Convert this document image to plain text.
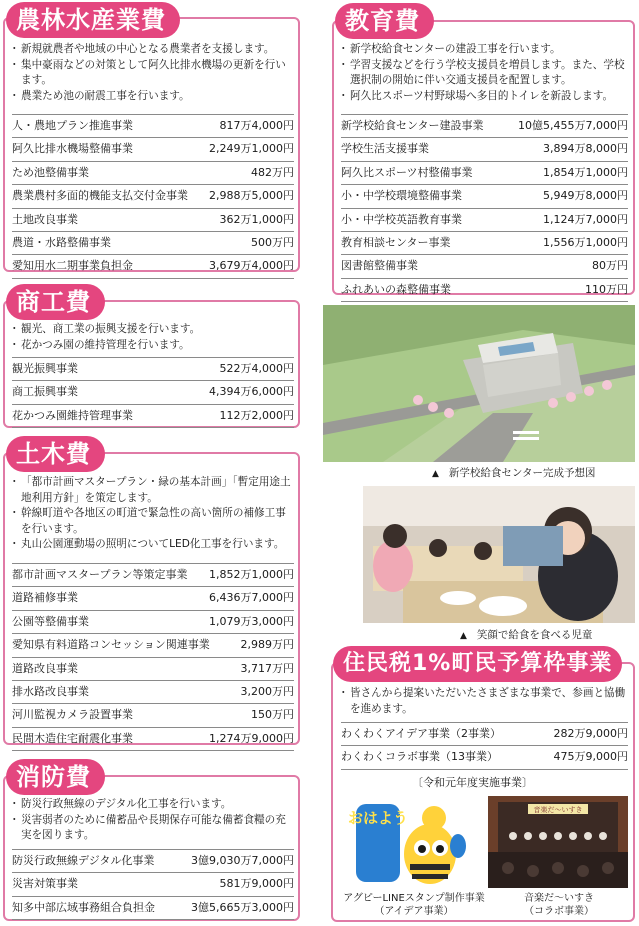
農林水産業費
・ 新規就農者や地域の中心となる農業者を支援します。
・ 集中豪雨などの対策として阿久比排水機場の更新を行います。
・ 農業ため池の耐震工事を行います。
人・農地プラン推進事業	817万4,000円
阿久比排水機場整備事業	2,249万1,000円
ため池整備事業	482万円
農業農村多面的機能支払交付金事業 2,988万5,000円
土地改良事業	362万1,000円
農道・水路整備事業	500万円
愛知用水二期事業負担金	3,679万4,000円
商工費
・ 観光、商工業の振興支援を行います。
・ 花かつみ園の維持管理を行います。
観光振興事業	522万4,000円
商工振興事業	4,394万6,000円
花かつみ園維持管理事業	112万2,000円
土木費
・ 「都市計画マスタープラン・緑の基本計画」「暫定用途土地利用方針」を策定します。
・ 幹線町道や各地区の町道で緊急性の高い箇所の補修工事を行います。
・ 丸山公園運動場の照明についてLED化工事を行います。
都市計画マスタープラン等策定事業 1,852万1,000円
道路補修事業	6,436万7,000円
公園等整備事業	1,079万3,000円
愛知県有料道路コンセッション関連事業	2,989万円
道路改良事業	3,717万円
排水路改良事業	3,200万円
河川監視カメラ設置事業	150万円
民間木造住宅耐震化事業	1,274万9,000円
消防費
・ 防災行政無線のデジタル化工事を行います。
・ 災害弱者のために備蓄品や長期保存可能な備蓄食糧の充実を図ります。
防災行政無線デジタル化事業	3億9,030万7,000円
災害対策事業	581万9,000円
知多中部広域事務組合負担金	3億5,665万3,000円
教育費
・ 新学校給食センターの建設工事を行います。
・ 学習支援などを行う学校支援員を増員します。また、学校選択制の開始に伴い交通支援員を配置します。
・ 阿久比スポーツ村野球場へ多目的トイレを新設します。
新学校給食センター建設事業	10億5,455万7,000円
学校生活支援事業	3,894万8,000円
阿久比スポーツ村整備事業	1,854万1,000円
小・中学校環境整備事業	5,949万8,000円
小・中学校英語教育事業	1,124万7,000円
教育相談センター事業	1,556万1,000円
図書館整備事業	80万円
ふれあいの森整備事業	110万円
▲ 新学校給食センター完成予想図
▲ 笑顔で給食を食べる児童
住民税1%町民予算枠事業
・ 皆さんから提案いただいたさまざまな事業で、参画と協働を進めます。
わくわくアイデア事業（2事業）	282万9,000円
わくわくコラボ事業（13事業）	475万9,000円
〔令和元年度実施事業〕
おはよう
アグピーLINEスタンプ制作事業
（アイデア事業）
音楽だ〜いすき
音楽だ〜いすき
（コラボ事業）
